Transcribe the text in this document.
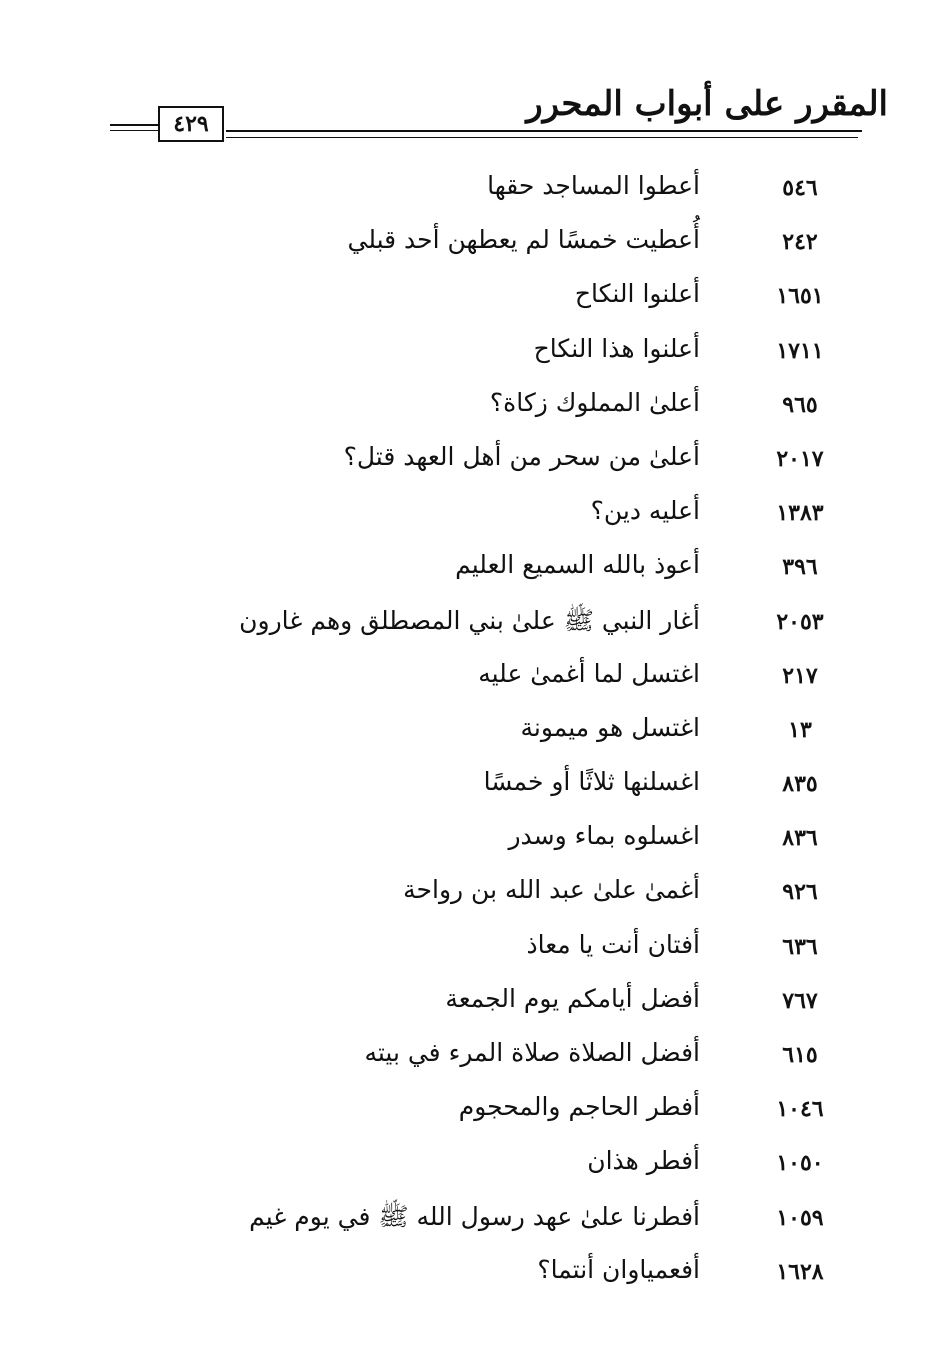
المقرر على أبواب المحرر
٤٢٩
٥٤٦
أعطوا المساجد حقها
٢٤٢
أُعطيت خمسًا لم يعطهن أحد قبلي
١٦٥١
أعلنوا النكاح
١٧١١
أعلنوا هذا النكاح
٩٦٥
أعلىٰ المملوك زكاة؟
٢٠١٧
أعلىٰ من سحر من أهل العهد قتل؟
١٣٨٣
أعليه دين؟
٣٩٦
أعوذ بالله السميع العليم
٢٠٥٣
أغار النبي ﷺ علىٰ بني المصطلق وهم غارون
٢١٧
اغتسل لما أغمىٰ عليه
١٣
اغتسل هو ميمونة
٨٣٥
اغسلنها ثلاثًا أو خمسًا
٨٣٦
اغسلوه بماء وسدر
٩٢٦
أغمىٰ علىٰ عبد الله بن رواحة
٦٣٦
أفتان أنت يا معاذ
٧٦٧
أفضل أيامكم يوم الجمعة
٦١٥
أفضل الصلاة صلاة المرء في بيته
١٠٤٦
أفطر الحاجم والمحجوم
١٠٥٠
أفطر هذان
١٠٥٩
أفطرنا علىٰ عهد رسول الله ﷺ في يوم غيم
١٦٢٨
أفعمياوان أنتما؟
